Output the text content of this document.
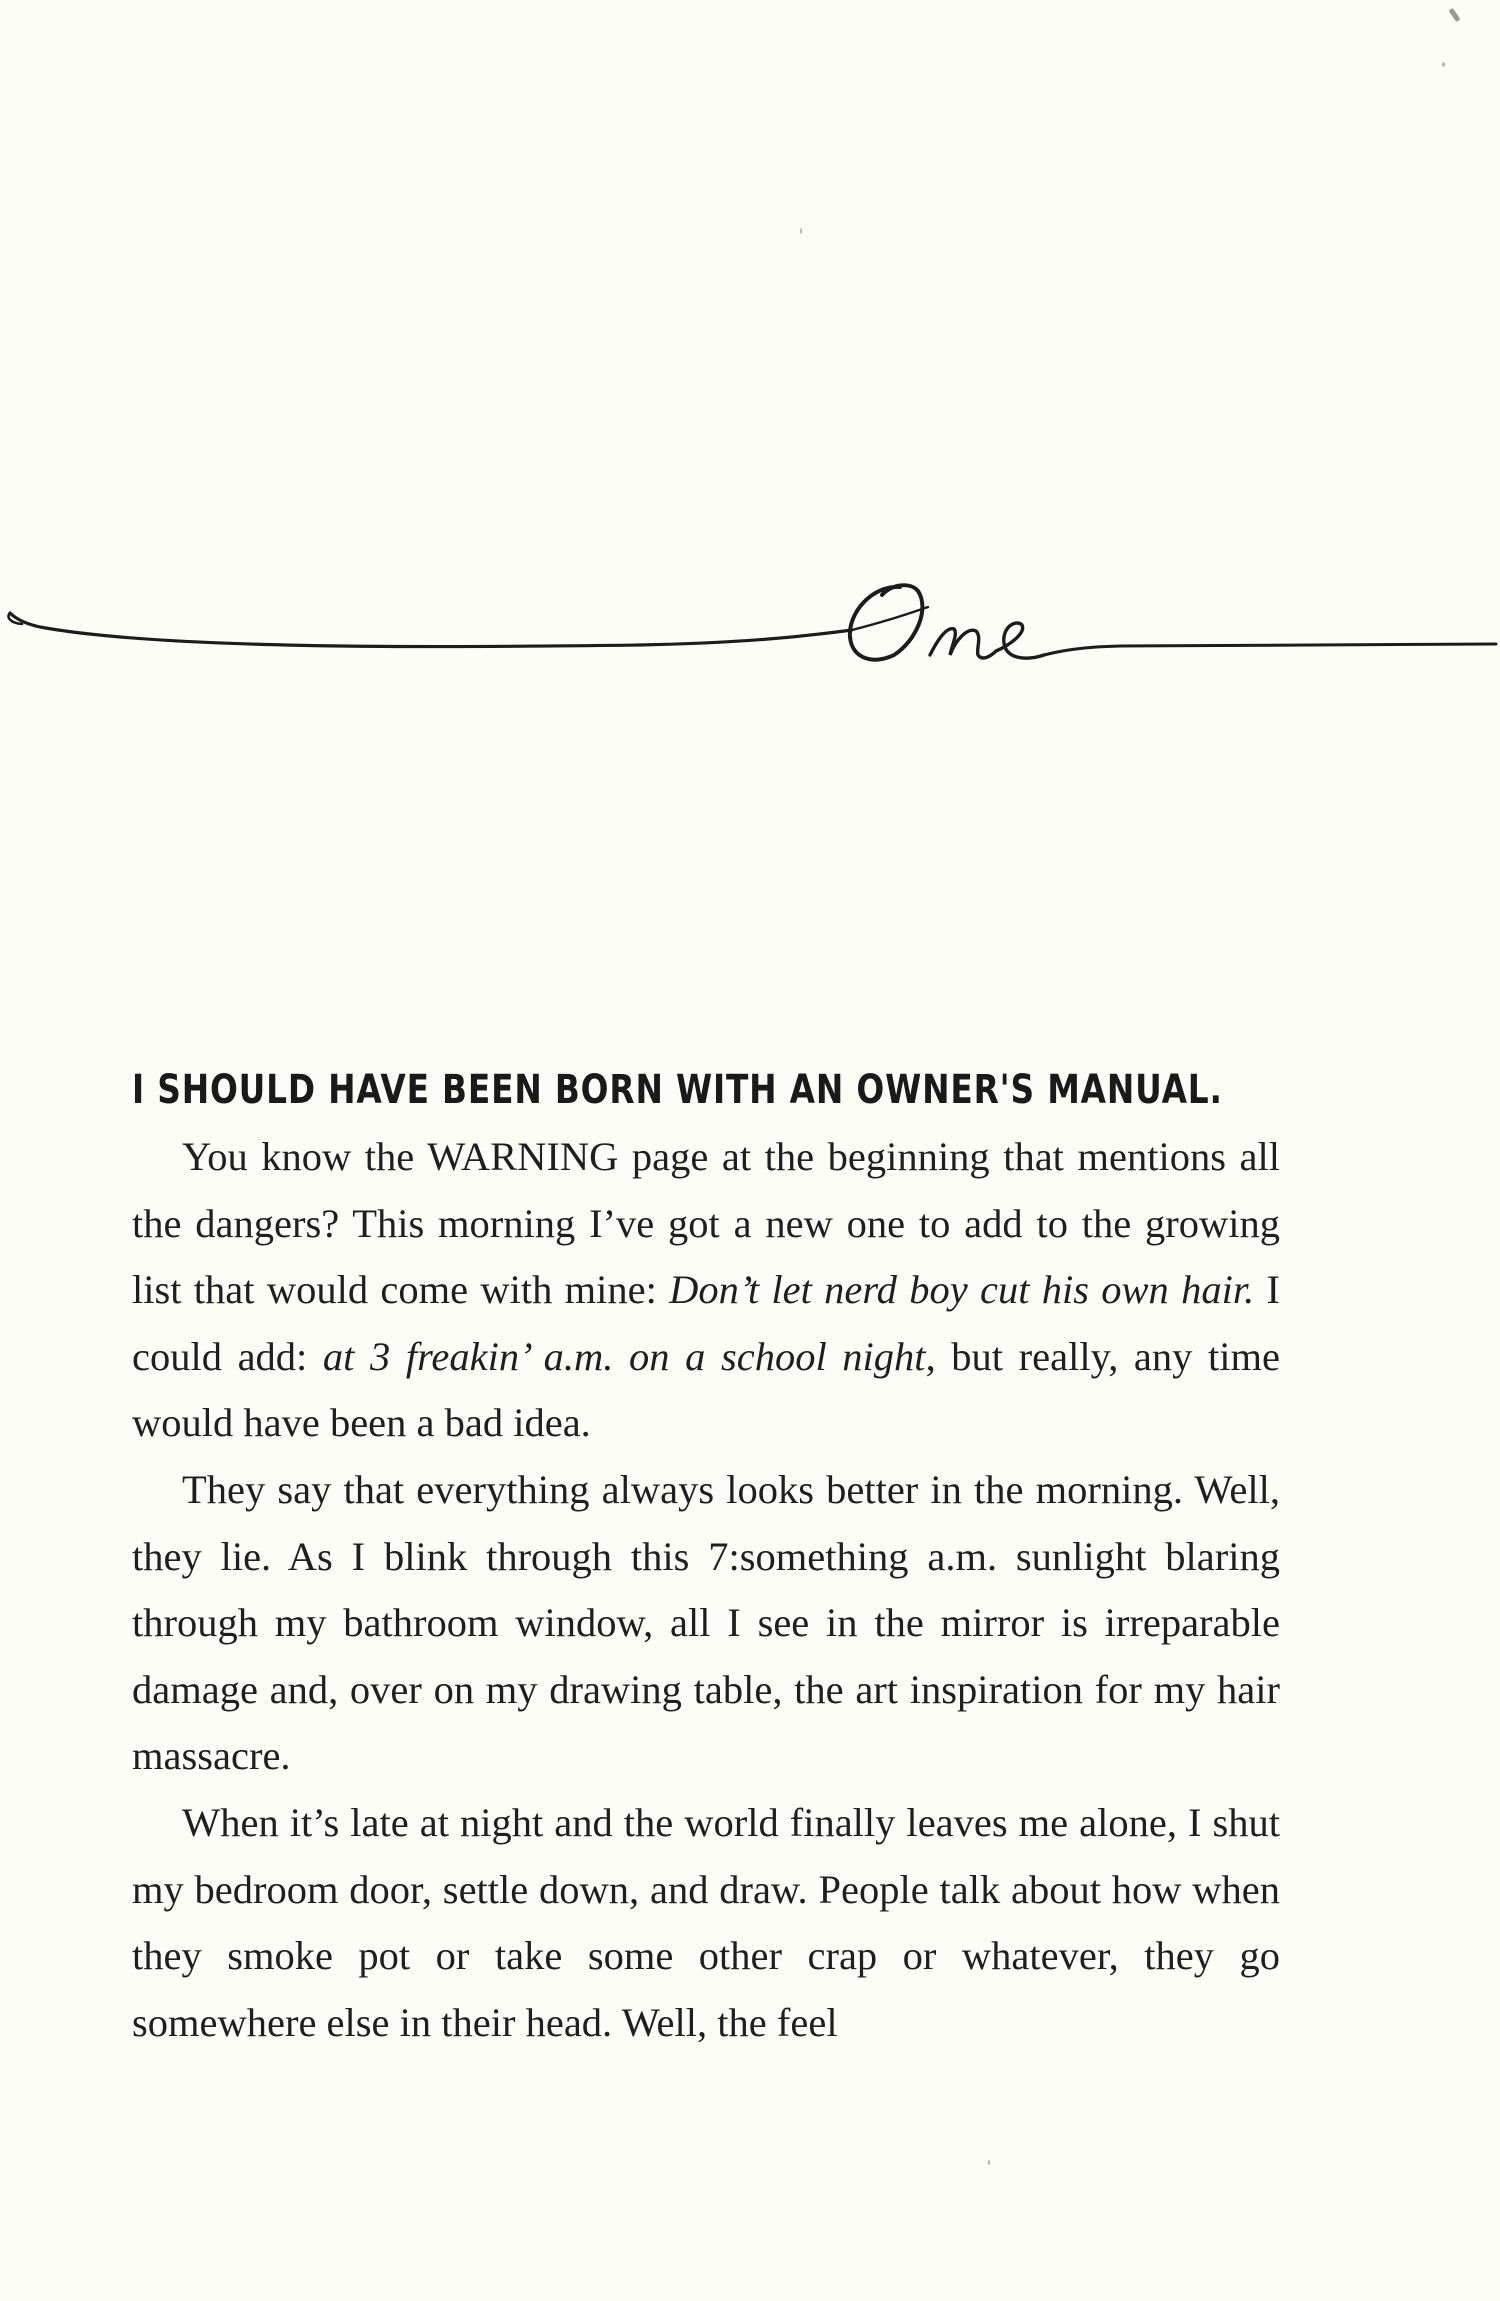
I SHOULD HAVE BEEN BORN WITH AN OWNER'S MANUAL.

You know the WARNING page at the beginning that mentions all the dangers? This morning I’ve got a new one to add to the growing list that would come with mine: Don’t let nerd boy cut his own hair. I could add: at 3 freakin’ a.m. on a school night, but really, any time would have been a bad idea.

They say that everything always looks better in the morning. Well, they lie. As I blink through this 7:something a.m. sunlight blaring through my bathroom window, all I see in the mirror is irreparable damage and, over on my drawing table, the art inspiration for my hair massacre.

When it’s late at night and the world finally leaves me alone, I shut my bedroom door, settle down, and draw. People talk about how when they smoke pot or take some other crap or whatever, they go somewhere else in their head. Well, the feel
